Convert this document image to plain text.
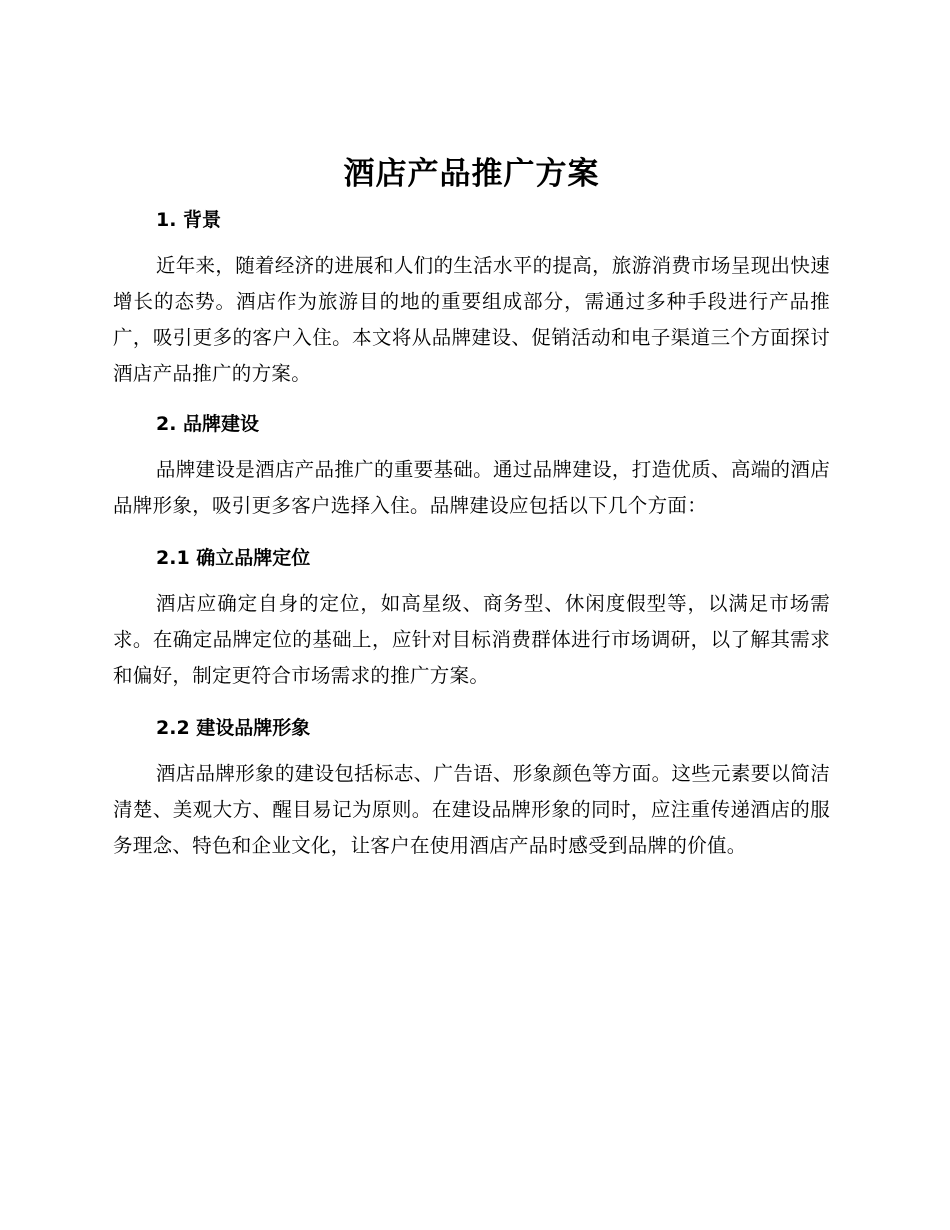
酒店产品推广方案
1. 背景

近年来，随着经济的进展和人们的生活水平的提高，旅游消费市场呈现出快速增长的态势。酒店作为旅游目的地的重要组成部分，需通过多种手段进行产品推广，吸引更多的客户入住。本文将从品牌建设、促销活动和电子渠道三个方面探讨酒店产品推广的方案。

2. 品牌建设

品牌建设是酒店产品推广的重要基础。通过品牌建设，打造优质、高端的酒店品牌形象，吸引更多客户选择入住。品牌建设应包括以下几个方面：

2.1 确立品牌定位

酒店应确定自身的定位，如高星级、商务型、休闲度假型等，以满足市场需求。在确定品牌定位的基础上，应针对目标消费群体进行市场调研，以了解其需求和偏好，制定更符合市场需求的推广方案。

2.2 建设品牌形象

酒店品牌形象的建设包括标志、广告语、形象颜色等方面。这些元素要以简洁清楚、美观大方、醒目易记为原则。在建设品牌形象的同时，应注重传递酒店的服务理念、特色和企业文化，让客户在使用酒店产品时感受到品牌的价值。
